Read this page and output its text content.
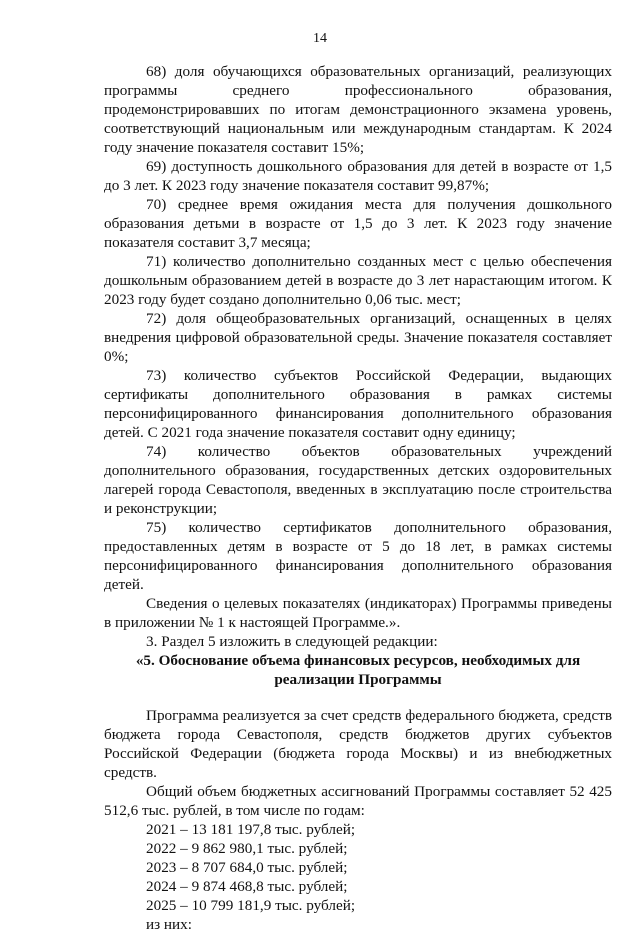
14

68) доля обучающихся образовательных организаций, реализующих программы среднего профессионального образования, продемонстрировавших по итогам демонстрационного экзамена уровень, соответствующий национальным или международным стандартам. К 2024 году значение показателя составит 15%;

69) доступность дошкольного образования для детей в возрасте от 1,5 до 3 лет. К 2023 году значение показателя составит 99,87%;

70) среднее время ожидания места для получения дошкольного образования детьми в возрасте от 1,5 до 3 лет. К 2023 году значение показателя составит 3,7 месяца;

71) количество дополнительно созданных мест с целью обеспечения дошкольным образованием детей в возрасте до 3 лет нарастающим итогом. К 2023 году будет создано дополнительно 0,06 тыс. мест;

72) доля общеобразовательных организаций, оснащенных в целях внедрения цифровой образовательной среды. Значение показателя составляет 0%;

73) количество субъектов Российской Федерации, выдающих сертификаты дополнительного образования в рамках системы персонифицированного финансирования дополнительного образования детей. С 2021 года значение показателя составит одну единицу;

74) количество объектов образовательных учреждений дополнительного образования, государственных детских оздоровительных лагерей города Севастополя, введенных в эксплуатацию после строительства и реконструкции;

75) количество сертификатов дополнительного образования, предоставленных детям в возрасте от 5 до 18 лет, в рамках системы персонифицированного финансирования дополнительного образования детей.

Сведения о целевых показателях (индикаторах) Программы приведены в приложении № 1 к настоящей Программе.».

3. Раздел 5 изложить в следующей редакции:

«5. Обоснование объема финансовых ресурсов, необходимых для реализации Программы

Программа реализуется за счет средств федерального бюджета, средств бюджета города Севастополя, средств бюджетов других субъектов Российской Федерации (бюджета города Москвы) и из внебюджетных средств.

Общий объем бюджетных ассигнований Программы составляет 52 425 512,6 тыс. рублей, в том числе по годам:

2021 – 13 181 197,8 тыс. рублей;

2022 – 9 862 980,1 тыс. рублей;

2023 – 8 707 684,0 тыс. рублей;

2024 – 9 874 468,8 тыс. рублей;

2025 – 10 799 181,9 тыс. рублей;

из них:
